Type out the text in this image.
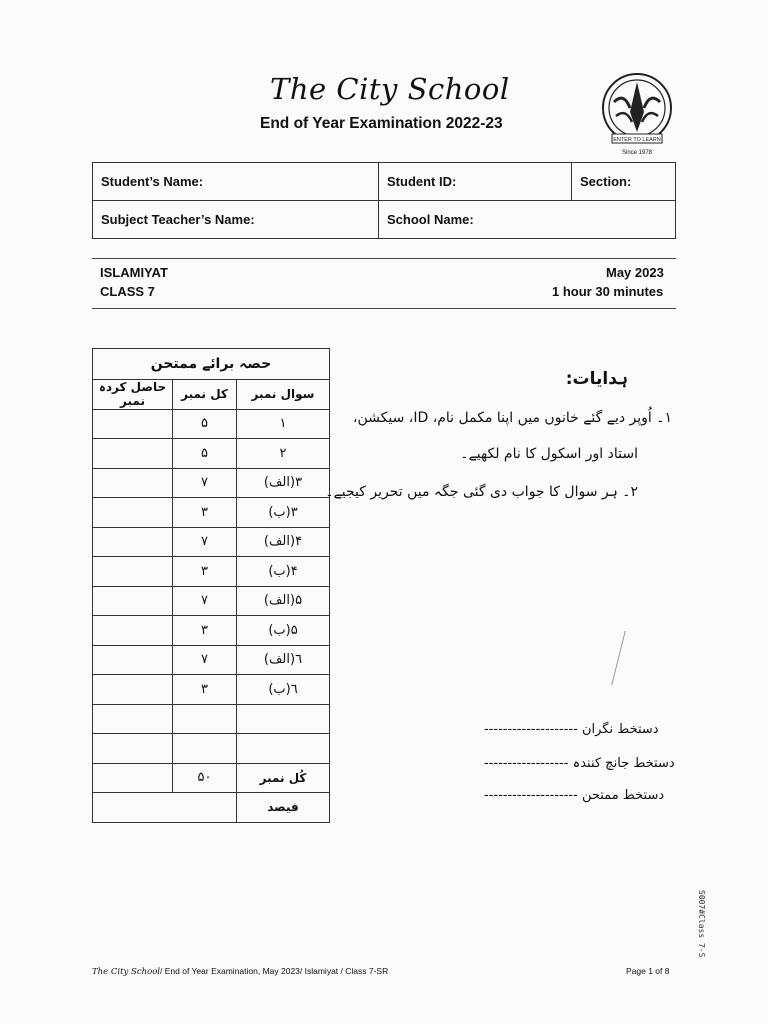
The City School
End of Year Examination 2022-23
ENTER TO LEARN
Since 1978
Student’s Name:	Student ID:	Section:
Subject Teacher’s Name:	School Name:	
ISLAMIYAT
CLASS 7
May 2023
1 hour 30 minutes
حصہ برائے ممتحن		
سوال نمبر	کل نمبر	حاصل کردہ نمبر
١	۵	
٢	۵	
٣(الف)	٧	
٣(ب)	٣	
۴(الف)	٧	
۴(ب)	٣	
۵(الف)	٧	
۵(ب)	٣	
٦(الف)	٧	
٦(ب)	٣	

کُل نمبر	۵٠	
فیصد		
ہدایات:
١۔ اُوپر دیے گئے خانوں میں اپنا مکمل نام، ID، سیکشن،
استاد اور اسکول کا نام لکھیے۔
٢۔ ہر سوال کا جواب دی گئی جگہ میں تحریر کیجیے۔
-------------------- دستخط نگران
------------------ دستخط جانچ کنندہ
-------------------- دستخط ممتحن
S007#Class 7-S
The City School/ End of Year Examination, May 2023/ Islamiyat / Class 7-SR	Page 1 of 8
